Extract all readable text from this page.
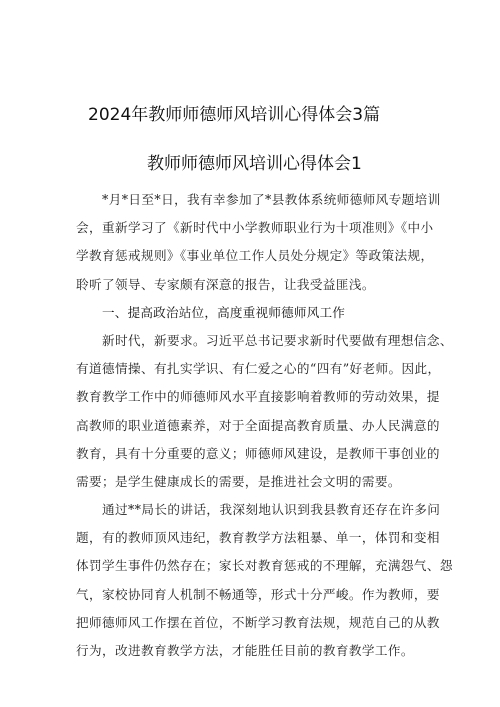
2024年教师师德师风培训心得体会3篇
教师师德师风培训心得体会1
*月*日至*日，我有幸参加了*县教体系统师德师风专题培训
会，重新学习了《新时代中小学教师职业行为十项准则》《中小
学教育惩戒规则》《事业单位工作人员处分规定》等政策法规，
聆听了领导、专家颇有深意的报告，让我受益匪浅。
一、提高政治站位，高度重视师德师风工作
新时代，新要求。习近平总书记要求新时代要做有理想信念、
有道德情操、有扎实学识、有仁爱之心的“四有”好老师。因此，
教育教学工作中的师德师风水平直接影响着教师的劳动效果，提
高教师的职业道德素养，对于全面提高教育质量、办人民满意的
教育，具有十分重要的意义；师德师风建设，是教师干事创业的
需要；是学生健康成长的需要，是推进社会文明的需要。
通过**局长的讲话，我深刻地认识到我县教育还存在许多问
题，有的教师顶风违纪，教育教学方法粗暴、单一，体罚和变相
体罚学生事件仍然存在；家长对教育惩戒的不理解，充满怨气、怨
气，家校协同育人机制不畅通等，形式十分严峻。作为教师，要
把师德师风工作摆在首位，不断学习教育法规，规范自己的从教
行为，改进教育教学方法，才能胜任目前的教育教学工作。
